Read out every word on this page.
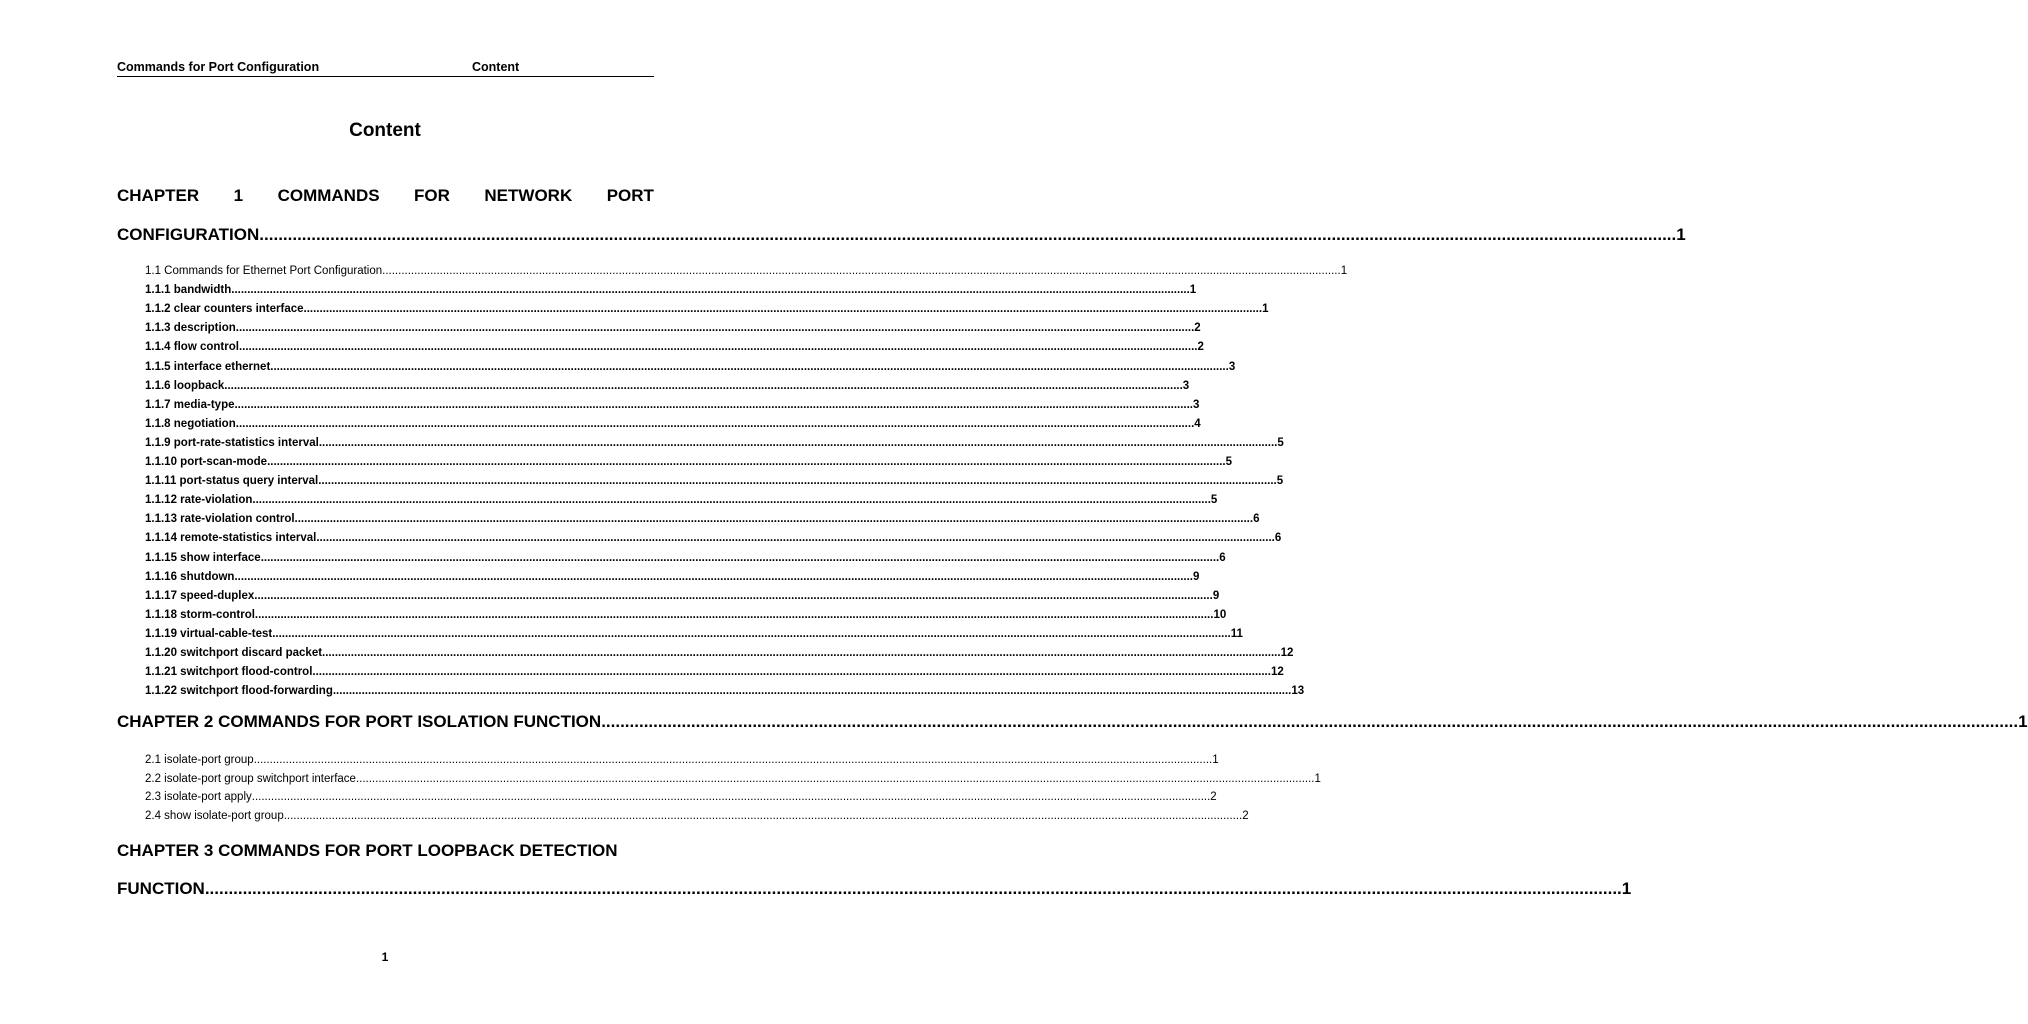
Commands for Port Configuration	Content
Content
CHAPTER 1 COMMANDS FOR NETWORK PORT
CONFIGURATION ............................................................................................................................................................................................................................................................................................................ 1
1.1 Commands for Ethernet Port Configuration ............................................................................................................................................................................................................................................................................................................ 1
1.1.1 bandwidth ............................................................................................................................................................................................................................................................................................................ 1
1.1.2 clear counters interface ............................................................................................................................................................................................................................................................................................................ 1
1.1.3 description ............................................................................................................................................................................................................................................................................................................ 2
1.1.4 flow control ............................................................................................................................................................................................................................................................................................................ 2
1.1.5 interface ethernet ............................................................................................................................................................................................................................................................................................................ 3
1.1.6 loopback ............................................................................................................................................................................................................................................................................................................ 3
1.1.7 media-type ............................................................................................................................................................................................................................................................................................................ 3
1.1.8 negotiation ............................................................................................................................................................................................................................................................................................................ 4
1.1.9 port-rate-statistics interval ............................................................................................................................................................................................................................................................................................................ 5
1.1.10 port-scan-mode ............................................................................................................................................................................................................................................................................................................ 5
1.1.11 port-status query interval ............................................................................................................................................................................................................................................................................................................ 5
1.1.12 rate-violation ............................................................................................................................................................................................................................................................................................................ 5
1.1.13 rate-violation control ............................................................................................................................................................................................................................................................................................................ 6
1.1.14 remote-statistics interval ............................................................................................................................................................................................................................................................................................................ 6
1.1.15 show interface ............................................................................................................................................................................................................................................................................................................ 6
1.1.16 shutdown ............................................................................................................................................................................................................................................................................................................ 9
1.1.17 speed-duplex ............................................................................................................................................................................................................................................................................................................ 9
1.1.18 storm-control ............................................................................................................................................................................................................................................................................................................ 10
1.1.19 virtual-cable-test ............................................................................................................................................................................................................................................................................................................ 11
1.1.20 switchport discard packet ............................................................................................................................................................................................................................................................................................................ 12
1.1.21 switchport flood-control ............................................................................................................................................................................................................................................................................................................ 12
1.1.22 switchport flood-forwarding ............................................................................................................................................................................................................................................................................................................ 13
CHAPTER 2 COMMANDS FOR PORT ISOLATION FUNCTION ............................................................................................................................................................................................................................................................................................................ 1
2.1 isolate-port group ............................................................................................................................................................................................................................................................................................................ 1
2.2 isolate-port group switchport interface ............................................................................................................................................................................................................................................................................................................ 1
2.3 isolate-port apply ............................................................................................................................................................................................................................................................................................................ 2
2.4 show isolate-port group ............................................................................................................................................................................................................................................................................................................ 2
CHAPTER 3 COMMANDS FOR PORT LOOPBACK DETECTION
FUNCTION ............................................................................................................................................................................................................................................................................................................ 1
1
